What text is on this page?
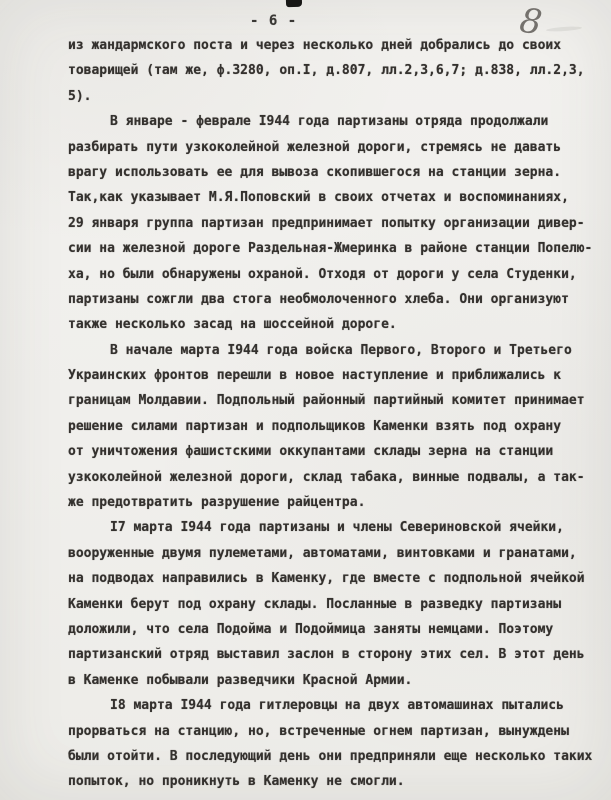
- 6 -	8
из жандармского поста и через несколько дней добрались до своих
товарищей (там же, ф.3280, оп.I, д.807, лл.2,3,6,7; д.838, лл.2,3,
5).
В январе - феврале I944 года партизаны отряда продолжали
разбирать пути узкоколейной железной дороги, стремясь не давать
врагу использовать ее для вывоза скопившегося на станции зерна.
Так,как указывает М.Я.Поповский в своих отчетах и воспоминаниях,
29 января группа партизан предпринимает попытку организации дивер-
сии на железной дороге Раздельная-Жмеринка в районе станции Попелю-
ха, но были обнаружены охраной. Отходя от дороги у села Студенки,
партизаны сожгли два стога необмолоченного хлеба. Они организуют
также несколько засад на шоссейной дороге.
В начале марта I944 года войска Первого, Второго и Третьего
Украинских фронтов перешли в новое наступление и приближались к
границам Молдавии. Подпольный районный партийный комитет принимает
решение силами партизан и подпольщиков Каменки взять под охрану
от уничтожения фашистскими оккупантами склады зерна на станции
узкоколейной железной дороги, склад табака, винные подвалы, а так-
же предотвратить разрушение райцентра.
I7 марта I944 года партизаны и члены Севериновской ячейки,
вооруженные двумя пулеметами, автоматами, винтовками и гранатами,
на подводах направились в Каменку, где вместе с подпольной ячейкой
Каменки берут под охрану склады. Посланные в разведку партизаны
доложили, что села Подойма и Подоймица заняты немцами. Поэтому
партизанский отряд выставил заслон в сторону этих сел. В этот день
в Каменке побывали разведчики Красной Армии.
I8 марта I944 года гитлеровцы на двух автомашинах пытались
прорваться на станцию, но, встреченные огнем партизан, вынуждены
были отойти. В последующий день они предприняли еще несколько таких
попыток, но проникнуть в Каменку не смогли.
